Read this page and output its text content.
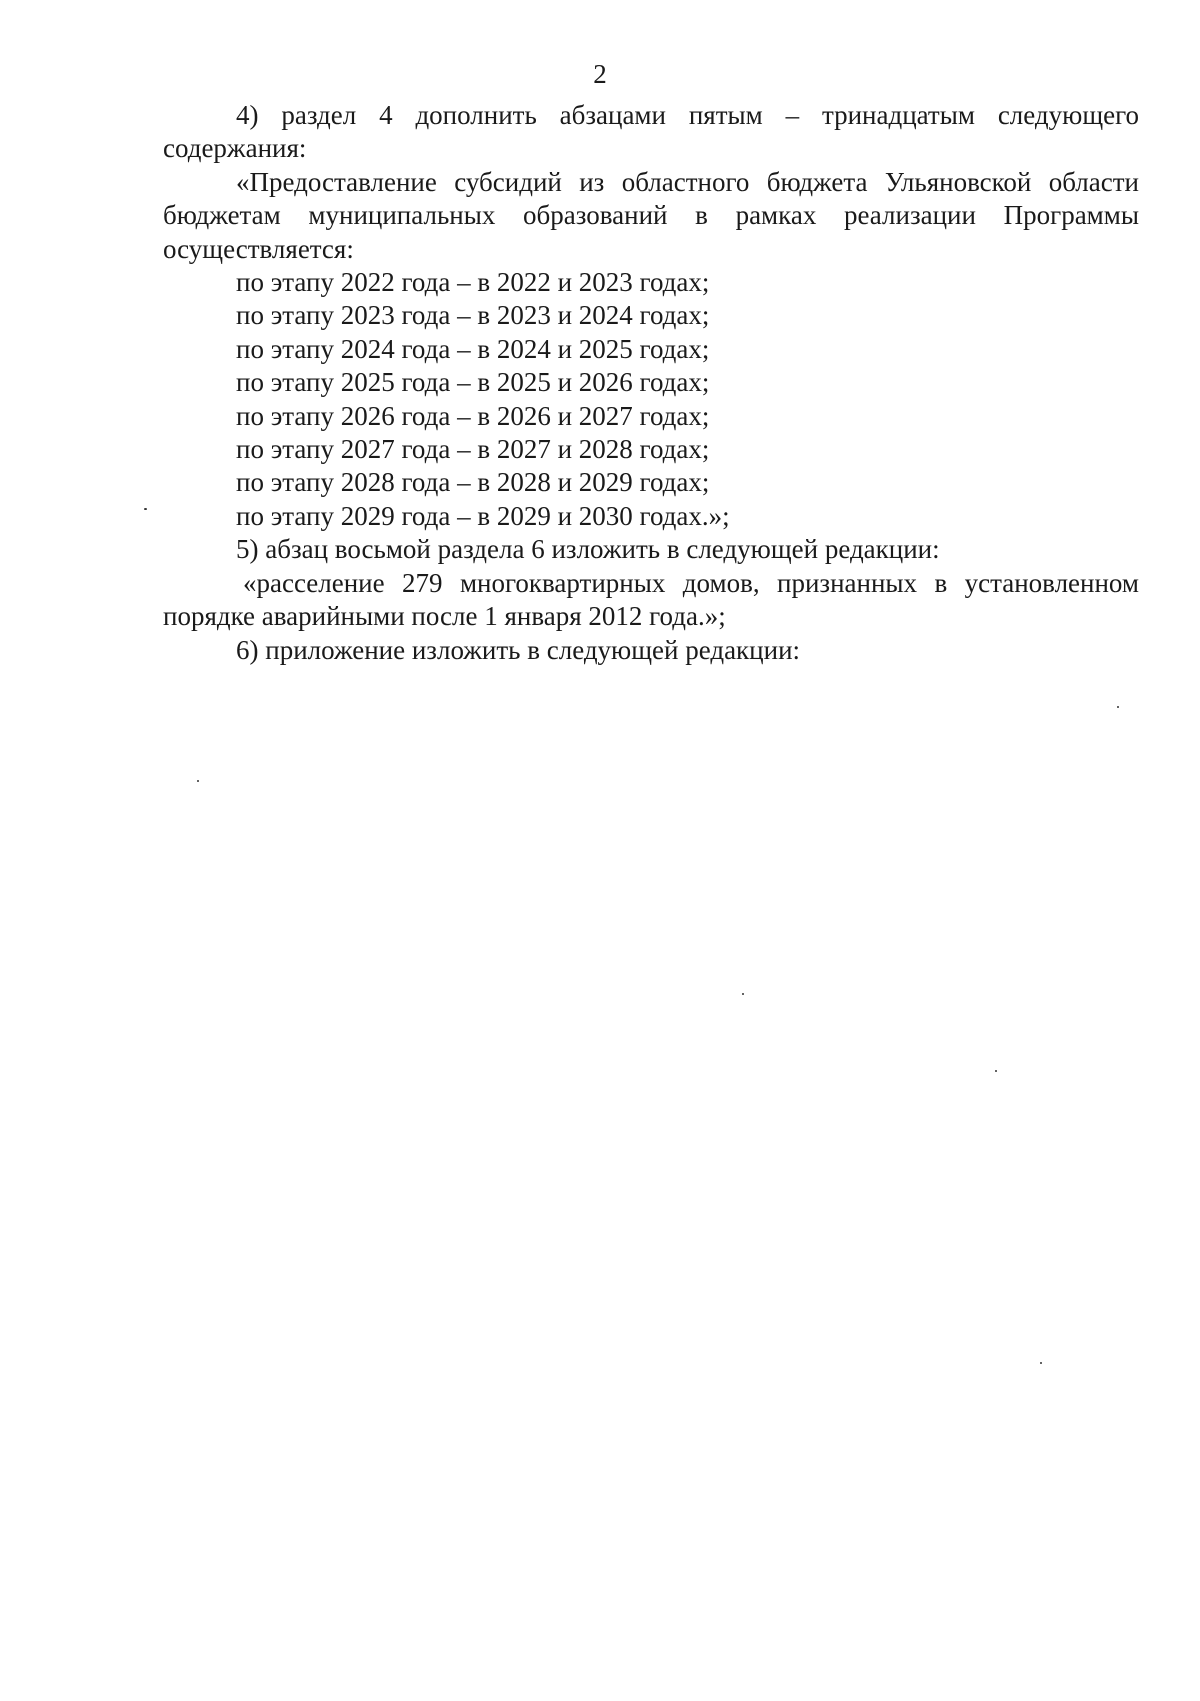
2

4) раздел 4 дополнить абзацами пятым – тринадцатым следующего содержания:

«Предоставление субсидий из областного бюджета Ульяновской области бюджетам муниципальных образований в рамках реализации Программы осуществляется:

по этапу 2022 года – в 2022 и 2023 годах;
по этапу 2023 года – в 2023 и 2024 годах;
по этапу 2024 года – в 2024 и 2025 годах;
по этапу 2025 года – в 2025 и 2026 годах;
по этапу 2026 года – в 2026 и 2027 годах;
по этапу 2027 года – в 2027 и 2028 годах;
по этапу 2028 года – в 2028 и 2029 годах;
по этапу 2029 года – в 2029 и 2030 годах.»;

5) абзац восьмой раздела 6 изложить в следующей редакции:

«расселение 279 многоквартирных домов, признанных в установленном порядке аварийными после 1 января 2012 года.»;

6) приложение изложить в следующей редакции:
